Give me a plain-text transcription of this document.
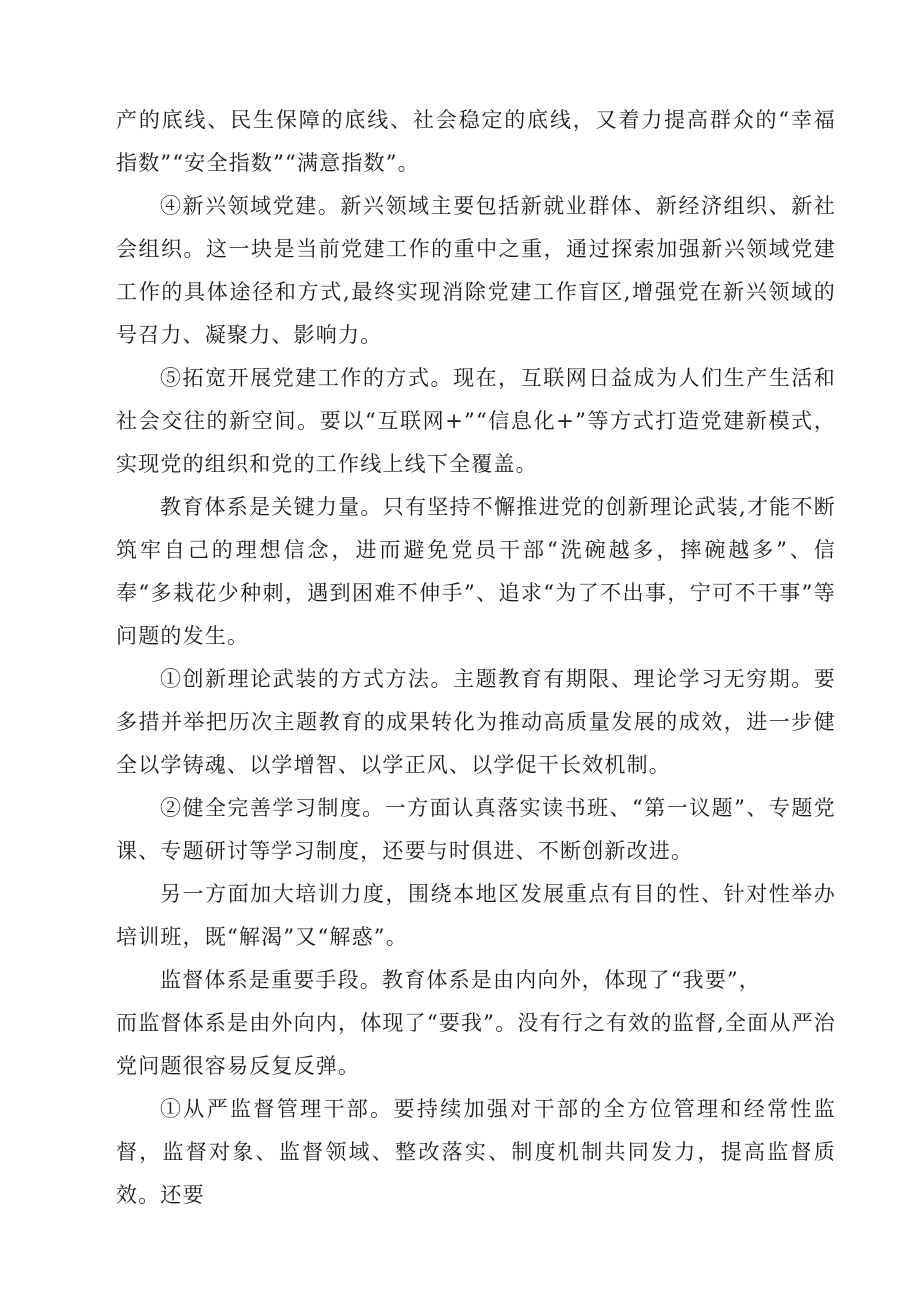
产的底线、民生保障的底线、社会稳定的底线，又着力提高群众的“幸福指数”“安全指数”“满意指数”。

④新兴领域党建。新兴领域主要包括新就业群体、新经济组织、新社会组织。这一块是当前党建工作的重中之重，通过探索加强新兴领域党建工作的具体途径和方式,最终实现消除党建工作盲区,增强党在新兴领域的号召力、凝聚力、影响力。

⑤拓宽开展党建工作的方式。现在，互联网日益成为人们生产生活和社会交往的新空间。要以“互联网+”“信息化+”等方式打造党建新模式，实现党的组织和党的工作线上线下全覆盖。

教育体系是关键力量。只有坚持不懈推进党的创新理论武装,才能不断筑牢自己的理想信念，进而避免党员干部“洗碗越多，摔碗越多”、信奉“多栽花少种刺，遇到困难不伸手”、追求“为了不出事，宁可不干事”等问题的发生。

①创新理论武装的方式方法。主题教育有期限、理论学习无穷期。要多措并举把历次主题教育的成果转化为推动高质量发展的成效，进一步健全以学铸魂、以学增智、以学正风、以学促干长效机制。

②健全完善学习制度。一方面认真落实读书班、“第一议题”、专题党课、专题研讨等学习制度，还要与时俱进、不断创新改进。

另一方面加大培训力度，围绕本地区发展重点有目的性、针对性举办培训班，既“解渴”又“解惑”。

监督体系是重要手段。教育体系是由内向外，体现了“我要”，

而监督体系是由外向内，体现了“要我”。没有行之有效的监督,全面从严治党问题很容易反复反弹。

①从严监督管理干部。要持续加强对干部的全方位管理和经常性监督，监督对象、监督领域、整改落实、制度机制共同发力，提高监督质效。还要
